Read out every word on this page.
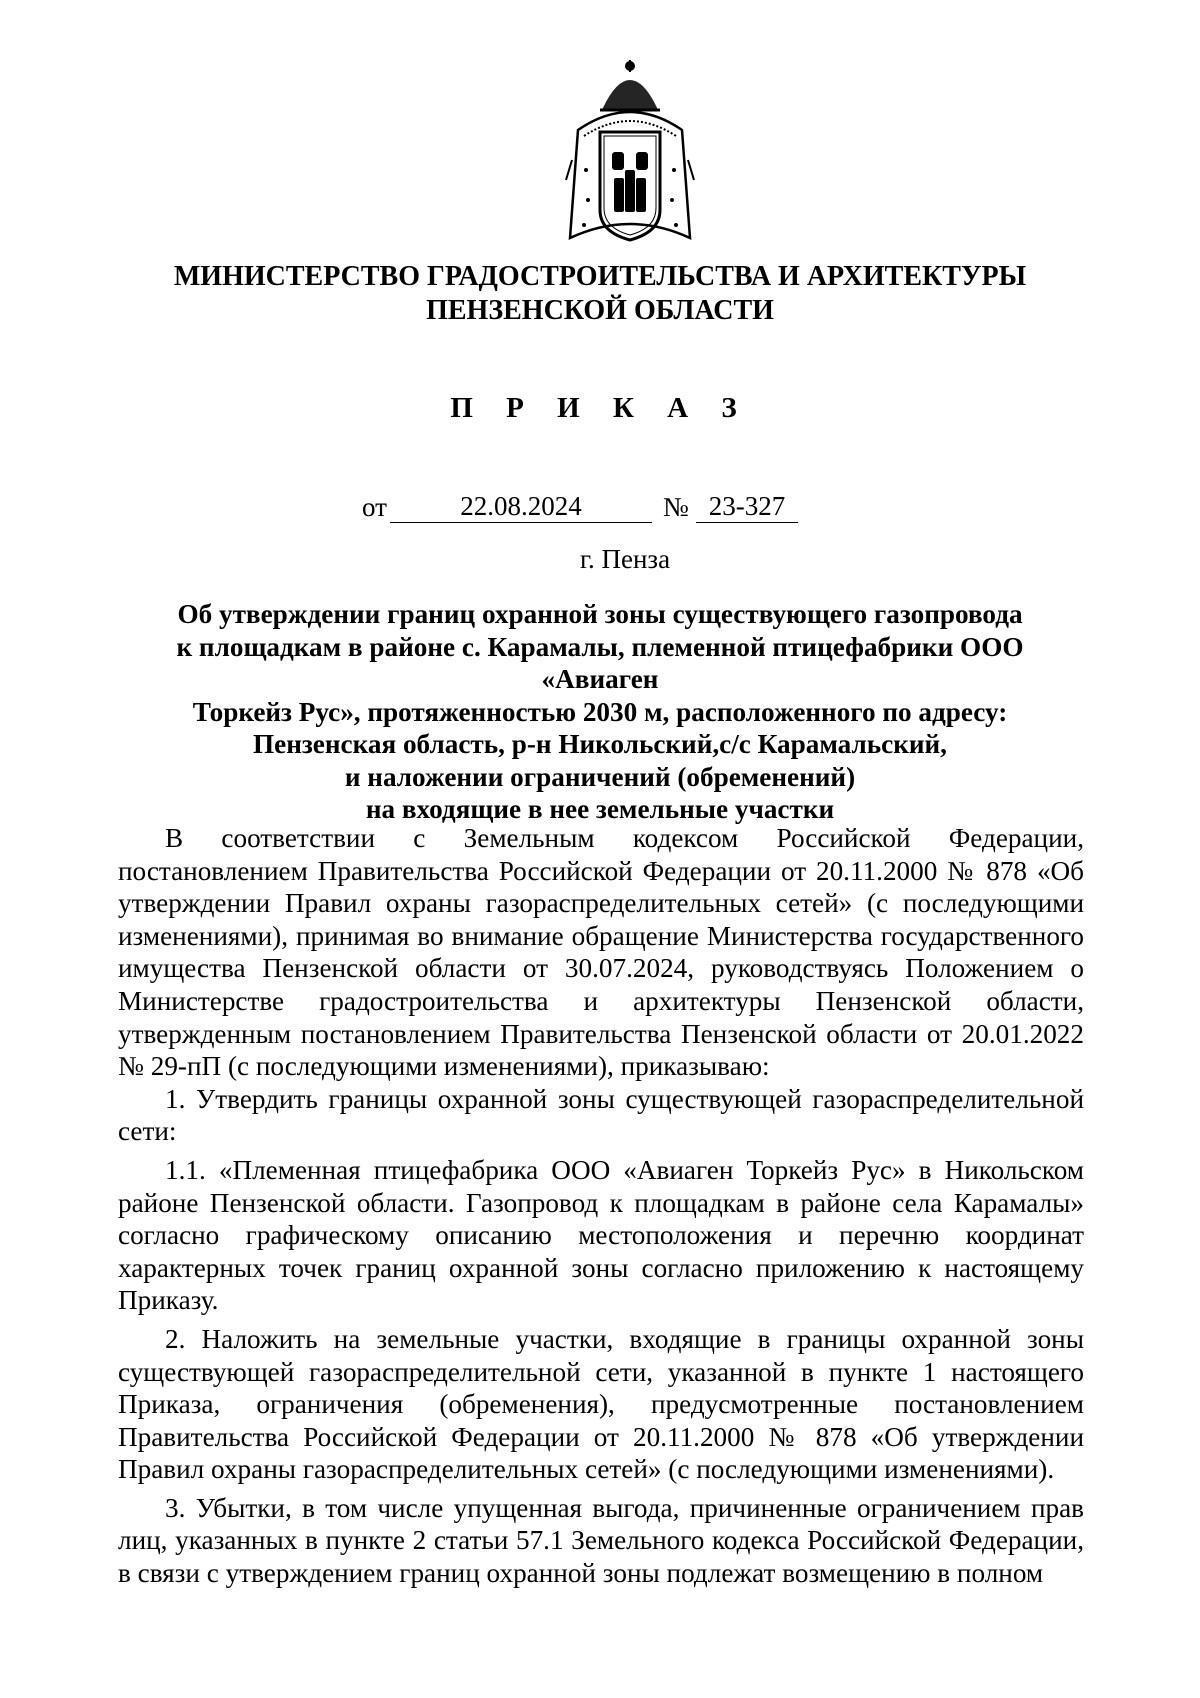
МИНИСТЕРСТВО ГРАДОСТРОИТЕЛЬСТВА И АРХИТЕКТУРЫ
ПЕНЗЕНСКОЙ ОБЛАСТИ
П Р И К А З
от	22.08.2024	№ 23-327
г. Пенза
Об утверждении границ охранной зоны существующего газопровода
к площадкам в районе с. Карамалы, племенной птицефабрики ООО «Авиаген
Торкейз Рус», протяженностью 2030 м, расположенного по адресу:
Пензенская область, р-н Никольский,с/с Карамальский,
и наложении ограничений (обременений)
на входящие в нее земельные участки

В соответствии с Земельным кодексом Российской Федерации, постановлением Правительства Российской Федерации от 20.11.2000 № 878 «Об утверждении Правил охраны газораспределительных сетей» (с последующими изменениями), принимая во внимание обращение Министерства государственного имущества Пензенской области от 30.07.2024, руководствуясь Положением о Министерстве градостроительства и архитектуры Пензенской области, утвержденным постановлением Правительства Пензенской области от 20.01.2022 № 29-пП (с последующими изменениями), приказываю:

1. Утвердить границы охранной зоны существующей газораспределительной сети:

1.1. «Племенная птицефабрика ООО «Авиаген Торкейз Рус» в Никольском районе Пензенской области. Газопровод к площадкам в районе села Карамалы» согласно графическому описанию местоположения и перечню координат характерных точек границ охранной зоны согласно приложению к настоящему Приказу.

2. Наложить на земельные участки, входящие в границы охранной зоны существующей газораспределительной сети, указанной в пункте 1 настоящего Приказа, ограничения (обременения), предусмотренные постановлением Правительства Российской Федерации от 20.11.2000 № 878 «Об утверждении Правил охраны газораспределительных сетей» (с последующими изменениями).

3. Убытки, в том числе упущенная выгода, причиненные ограничением прав лиц, указанных в пункте 2 статьи 57.1 Земельного кодекса Российской Федерации, в связи с утверждением границ охранной зоны подлежат возмещению в полном
